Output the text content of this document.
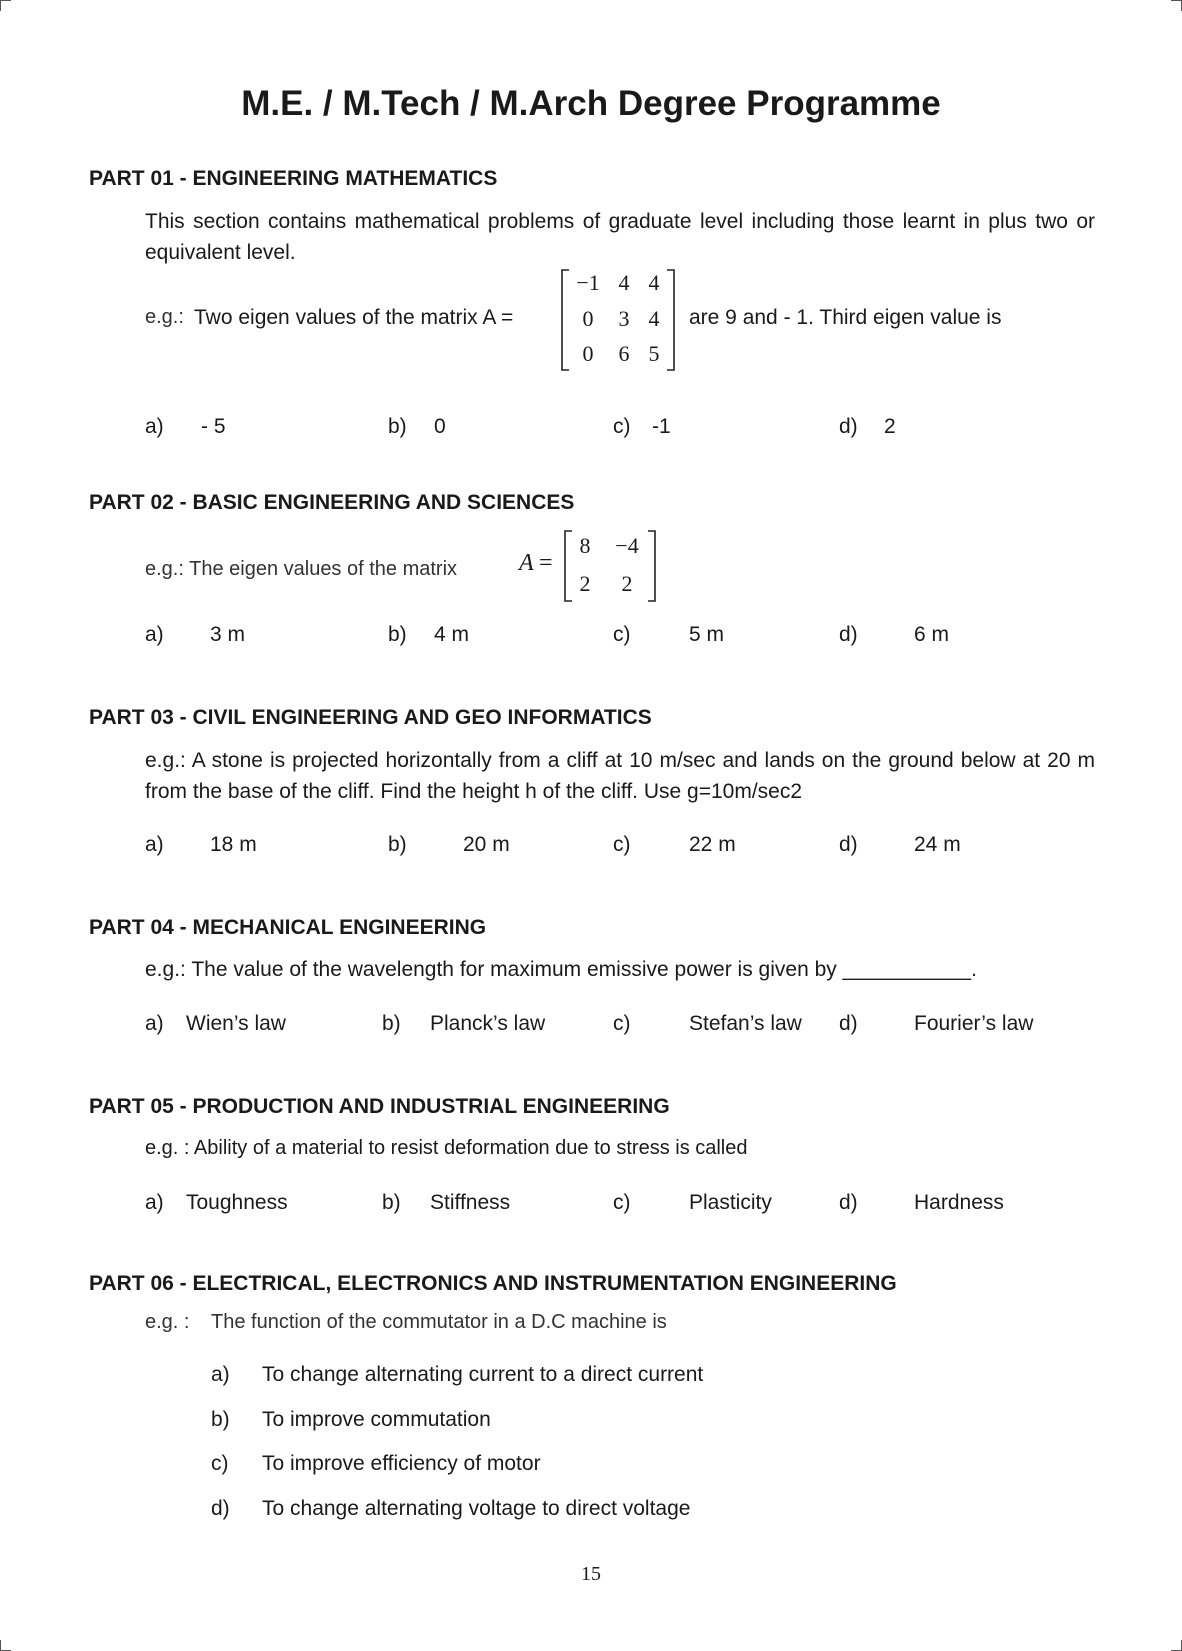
M.E. / M.Tech / M.Arch Degree Programme
PART 01 - ENGINEERING MATHEMATICS
This section contains mathematical problems of graduate level including those learnt in plus two or equivalent level.
e.g.: Two eigen values of the matrix A =
−1 4 4
0	3 4
0	6 5
are 9 and - 1. Third eigen value is
a) - 5	b) 0	c) -1	d) 2
PART 02 - BASIC ENGINEERING AND SCIENCES
e.g.: The eigen values of the matrix	A =
8	−4
2	2
a) 3 m	b) 4 m	c)	5 m	d)	6 m
PART 03 - CIVIL ENGINEERING AND GEO INFORMATICS
e.g.: A stone is projected horizontally from a cliff at 10 m/sec and lands on the ground below at 20 m from the base of the cliff. Find the height h of the cliff. Use g=10m/sec2
a) 18 m	b)	20 m	c)	22 m	d)	24 m
PART 04 - MECHANICAL ENGINEERING
e.g.: The value of the wavelength for maximum emissive power is given by ___________.
a) Wien’s law	b) Planck’s law	c)	Stefan’s law d)	Fourier’s law
PART 05 - PRODUCTION AND INDUSTRIAL ENGINEERING
e.g. : Ability of a material to resist deformation due to stress is called
a) Toughness	b) Stiffness	c)	Plasticity	d)	Hardness
PART 06 - ELECTRICAL, ELECTRONICS AND INSTRUMENTATION ENGINEERING
e.g. : The function of the commutator in a D.C machine is
a) To change alternating current to a direct current
b) To improve commutation
c) To improve efficiency of motor
d) To change alternating voltage to direct voltage
15
